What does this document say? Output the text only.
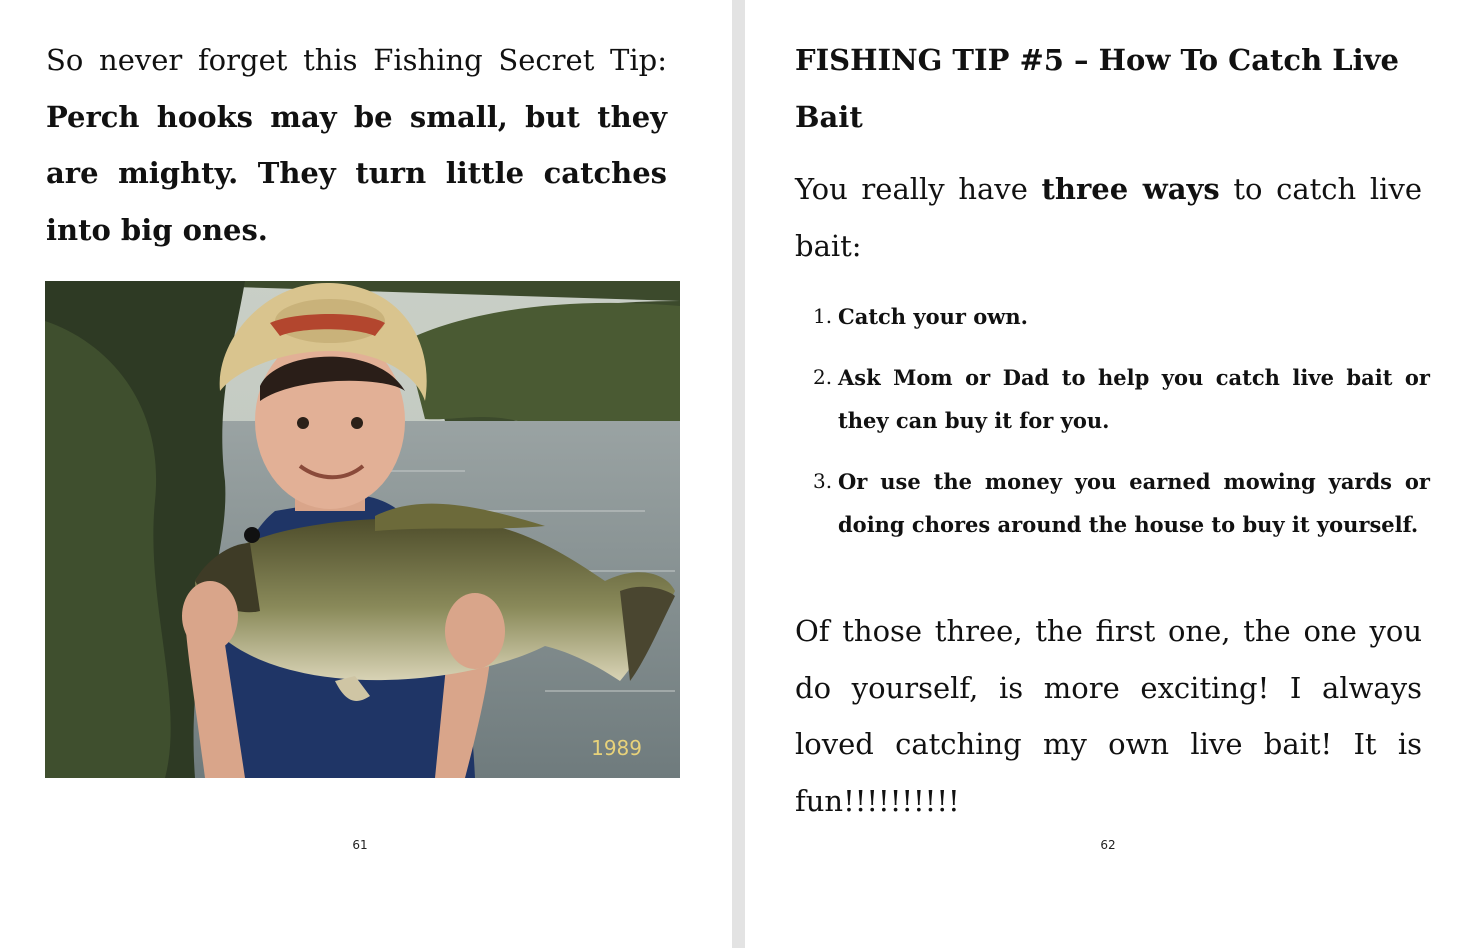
So never forget this Fishing Secret Tip: Perch hooks may be small, but they are mighty. They turn little catches into big ones.

1989
61
FISHING TIP #5 – How To Catch Live Bait

You really have three ways to catch live bait:

1. Catch your own.
2. Ask Mom or Dad to help you catch live bait or they can buy it for you.
3. Or use the money you earned mowing yards or doing chores around the house to buy it yourself.

Of those three, the first one, the one you do yourself, is more exciting! I always loved catching my own live bait! It is fun!!!!!!!!!!

62
